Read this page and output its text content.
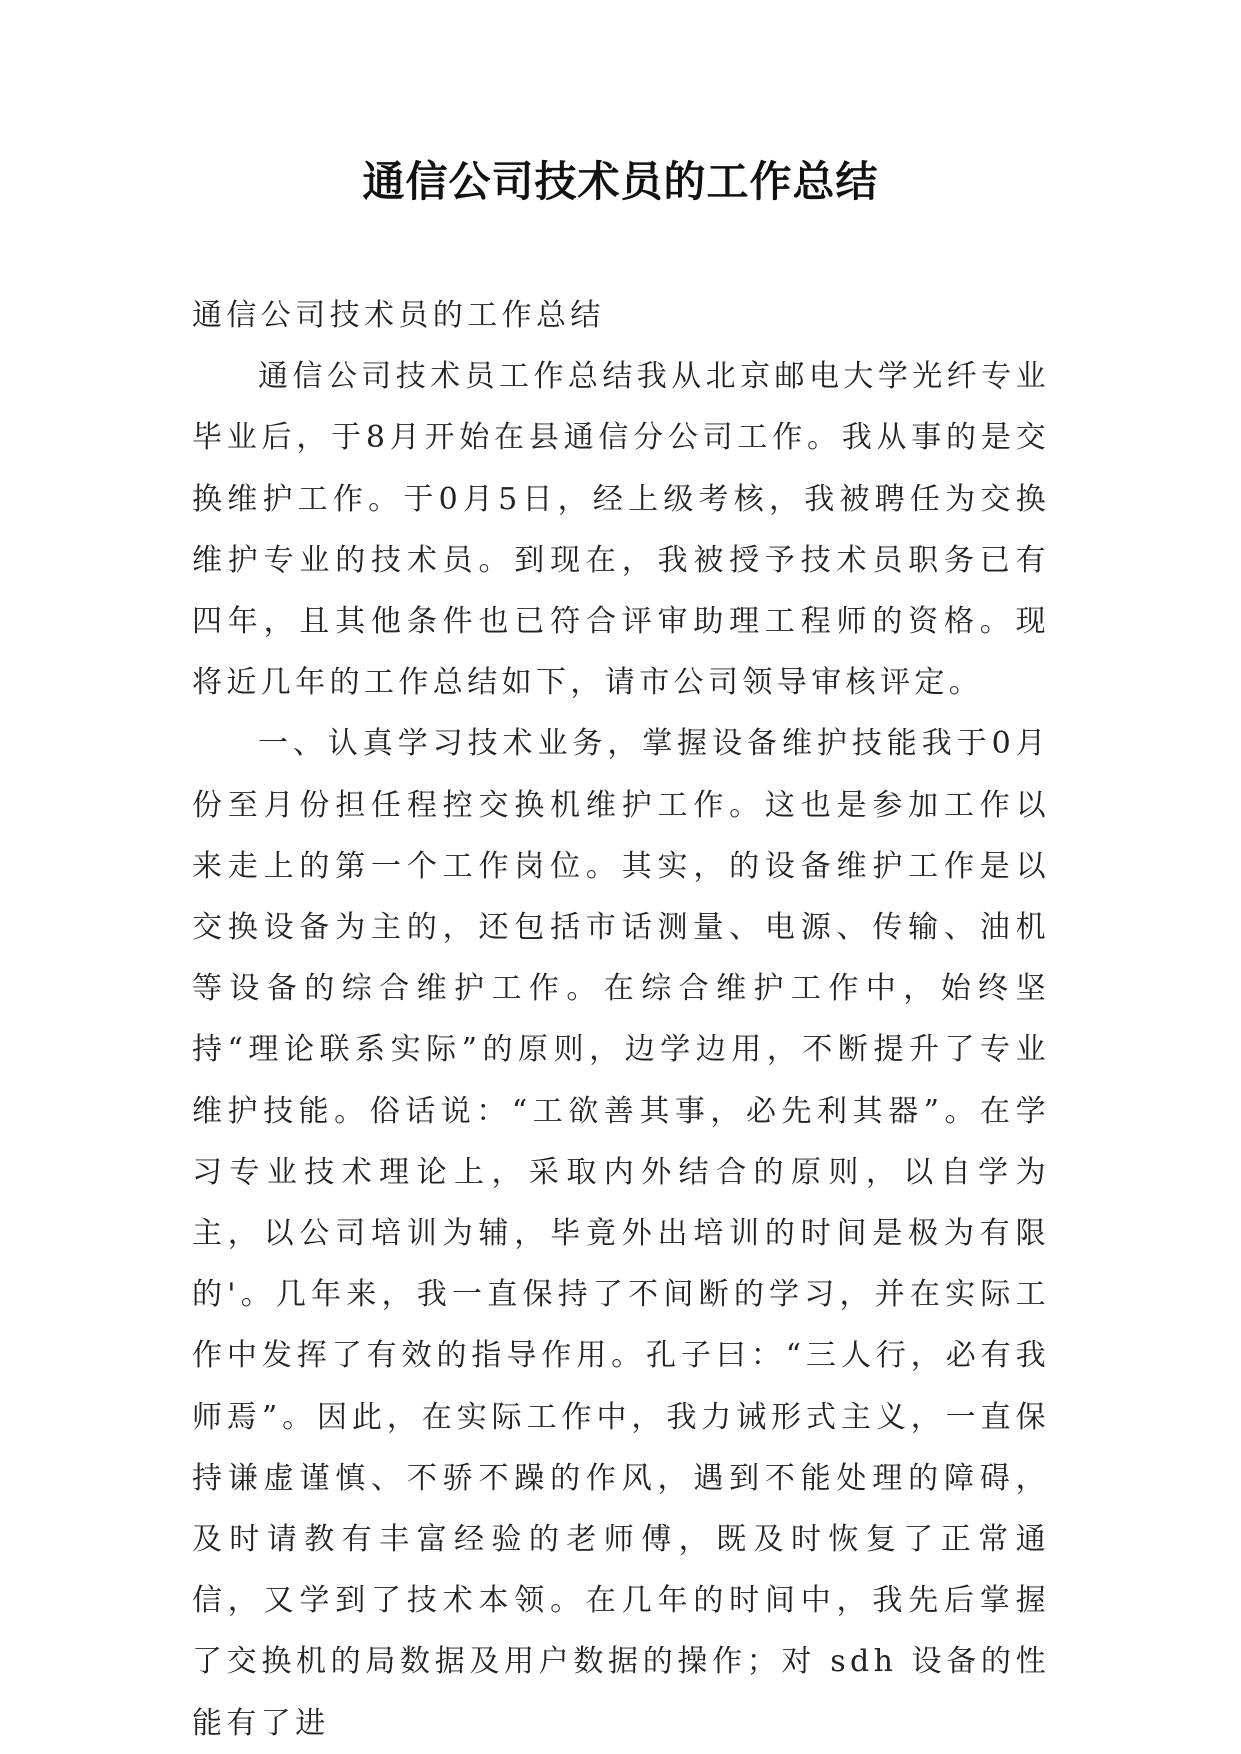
通信公司技术员的工作总结

通信公司技术员的工作总结

通信公司技术员工作总结我从北京邮电大学光纤专业毕业后，于8月开始在县通信分公司工作。我从事的是交换维护工作。于0月5日，经上级考核，我被聘任为交换维护专业的技术员。到现在，我被授予技术员职务已有四年，且其他条件也已符合评审助理工程师的资格。现将近几年的工作总结如下，请市公司领导审核评定。

一、认真学习技术业务，掌握设备维护技能我于0月份至月份担任程控交换机维护工作。这也是参加工作以来走上的第一个工作岗位。其实，的设备维护工作是以交换设备为主的，还包括市话测量、电源、传输、油机等设备的综合维护工作。在综合维护工作中，始终坚持“理论联系实际”的原则，边学边用，不断提升了专业维护技能。俗话说：“工欲善其事，必先利其器”。在学习专业技术理论上，采取内外结合的原则，以自学为主，以公司培训为辅，毕竟外出培训的时间是极为有限的'。几年来，我一直保持了不间断的学习，并在实际工作中发挥了有效的指导作用。孔子曰：“三人行，必有我师焉”。因此，在实际工作中，我力诫形式主义，一直保持谦虚谨慎、不骄不躁的作风，遇到不能处理的障碍，及时请教有丰富经验的老师傅，既及时恢复了正常通信，又学到了技术本领。在几年的时间中，我先后掌握了交换机的局数据及用户数据的操作；对 sdh 设备的性能有了进
